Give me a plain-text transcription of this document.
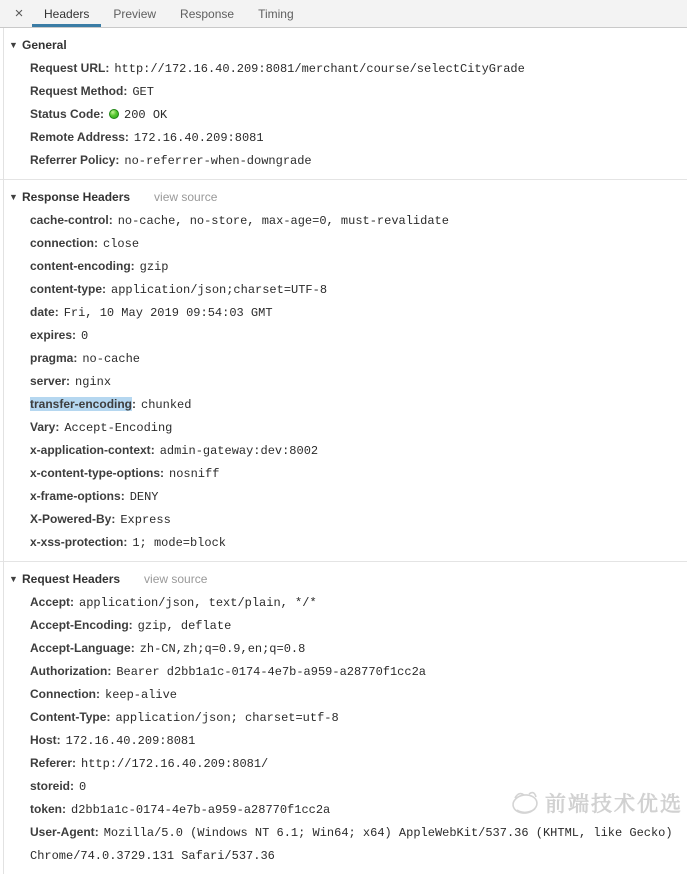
×	Headers	Preview	Response	Timing
▼ General
Request URL: http://172.16.40.209:8081/merchant/course/selectCityGrade
Request Method: GET
Status Code: 200 OK
Remote Address: 172.16.40.209:8081
Referrer Policy: no-referrer-when-downgrade
▼ Response Headers view source
cache-control: no-cache, no-store, max-age=0, must-revalidate
connection: close
content-encoding: gzip
content-type: application/json;charset=UTF-8
date: Fri, 10 May 2019 09:54:03 GMT
expires: 0
pragma: no-cache
server: nginx
transfer-encoding: chunked
Vary: Accept-Encoding
x-application-context: admin-gateway:dev:8002
x-content-type-options: nosniff
x-frame-options: DENY
X-Powered-By: Express
x-xss-protection: 1; mode=block
▼ Request Headers view source
Accept: application/json, text/plain, */*
Accept-Encoding: gzip, deflate
Accept-Language: zh-CN,zh;q=0.9,en;q=0.8
Authorization: Bearer d2bb1a1c-0174-4e7b-a959-a28770f1cc2a
Connection: keep-alive
Content-Type: application/json; charset=utf-8
Host: 172.16.40.209:8081
Referer: http://172.16.40.209:8081/
storeid: 0
token: d2bb1a1c-0174-4e7b-a959-a28770f1cc2a
User-Agent: Mozilla/5.0 (Windows NT 6.1; Win64; x64) AppleWebKit/537.36 (KHTML, like Gecko) Chrome/74.0.3729.131 Safari/537.36
前端技术优选
